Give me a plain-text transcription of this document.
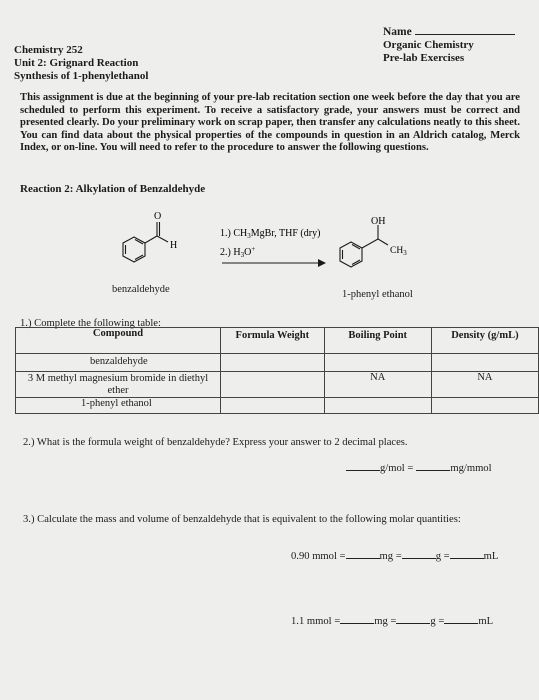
Name
Organic Chemistry
Pre-lab Exercises
Chemistry 252
Unit 2: Grignard Reaction
Synthesis of 1-phenylethanol
This assignment is due at the beginning of your pre-lab recitation section one week before the day that you are scheduled to perform this experiment. To receive a satisfactory grade, your answers must be correct and presented clearly. Do your preliminary work on scrap paper, then transfer any calculations neatly to this sheet. You can find data about the physical properties of the compounds in question in an Aldrich catalog, Merck Index, or on-line. You will need to refer to the procedure to answer the following questions.
Reaction 2: Alkylation of Benzaldehyde
O
H
OH
$CH_3$
1.) $CH_3MgBr$, THF (dry)
2.) $H_3O^+$
benzaldehyde	1-phenyl ethanol
1.) Complete the following table:
Compound	Formula Weight	Boiling Point	Density (g/mL)
benzaldehyde			
3 M methyl magnesium bromide in diethyl ether		NA	NA
1-phenyl ethanol			
2.) What is the formula weight of benzaldehyde? Express your answer to 2 decimal places.
g/mol =	mg/mmol
3.) Calculate the mass and volume of benzaldehyde that is equivalent to the following molar quantities:
0.90 mmol =	mg =	g =	mL
1.1 mmol =	mg =	g =	mL
